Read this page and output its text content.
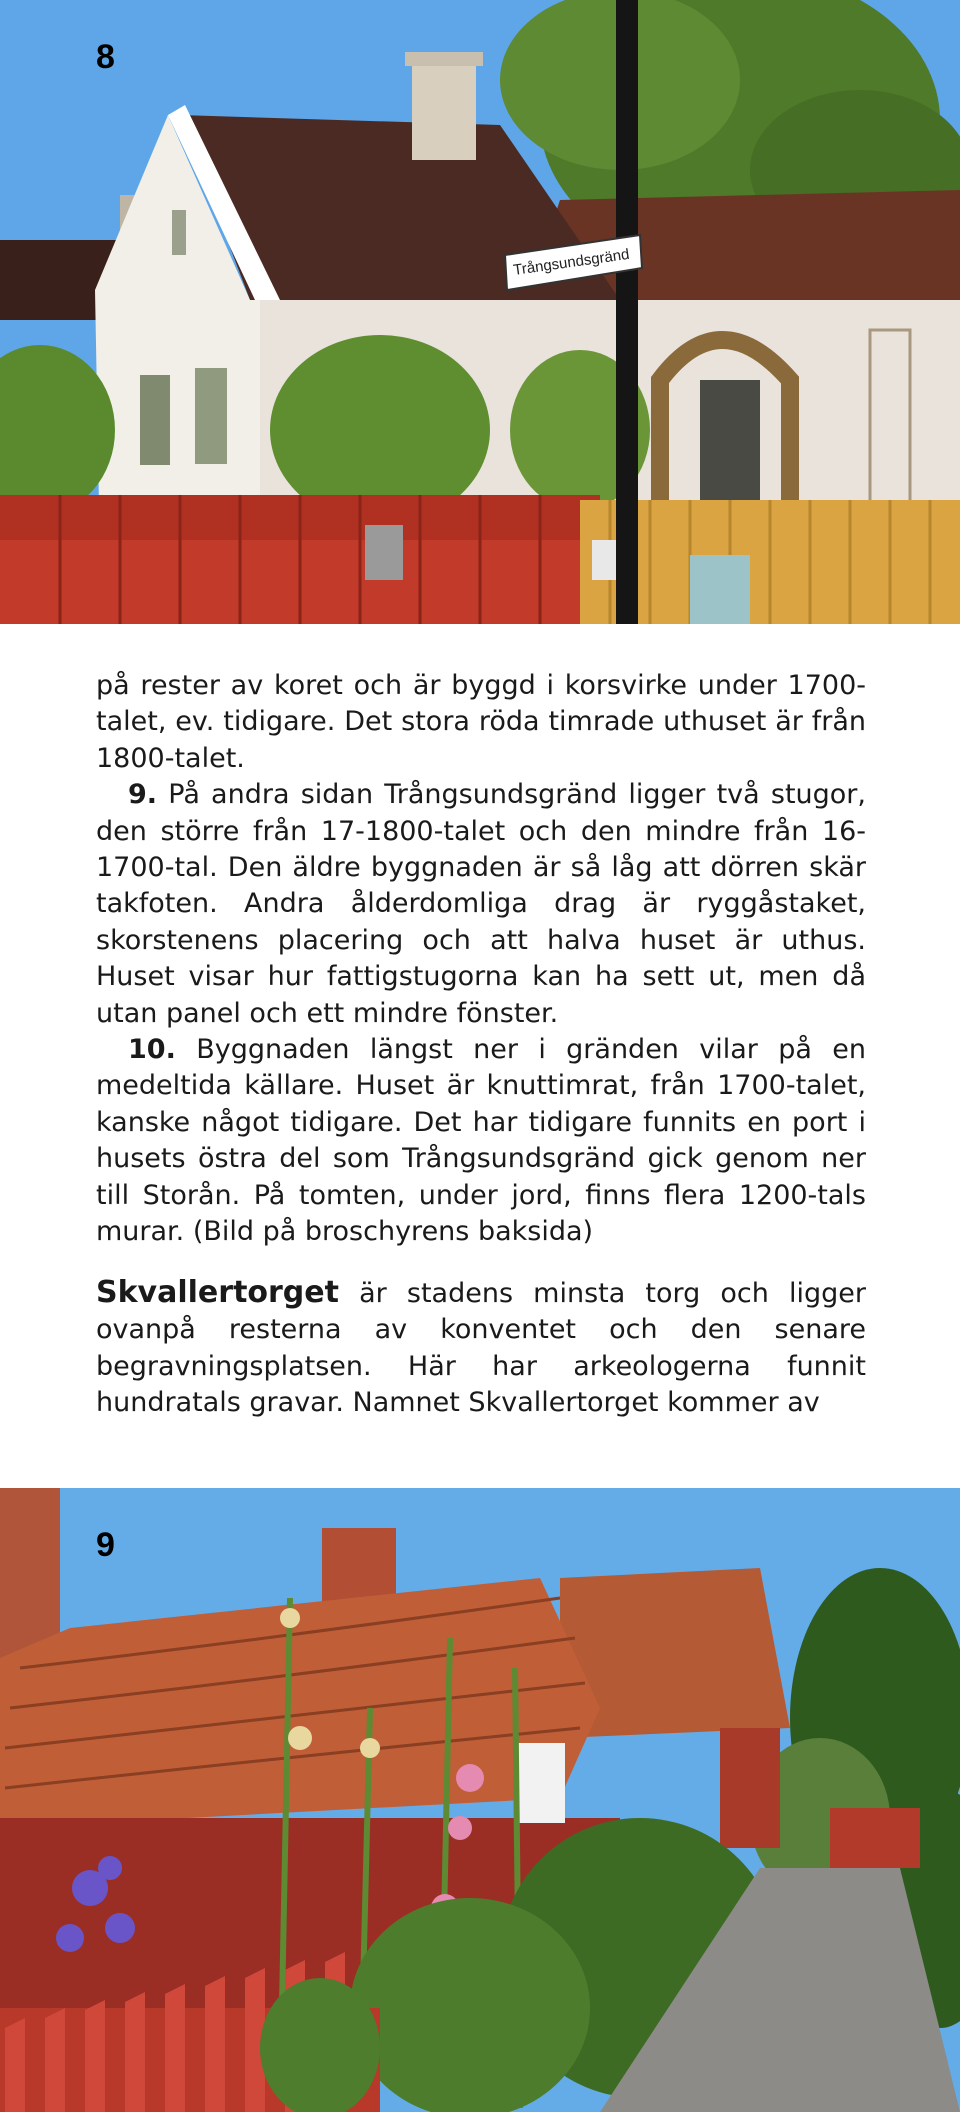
Trångsundsgränd
8

på rester av koret och är byggd i korsvirke under 1700-talet, ev. tidigare. Det stora röda timrade uthuset är från 1800-talet.

9. På andra sidan Trångsundsgränd ligger två stugor, den större från 17-1800-talet och den mindre från 16-1700-tal. Den äldre byggnaden är så låg att dörren skär takfoten. Andra ålderdomliga drag är ryggåstaket, skorstenens placering och att halva huset är uthus. Huset visar hur fattigstugorna kan ha sett ut, men då utan panel och ett mindre fönster.

10. Byggnaden längst ner i gränden vilar på en medeltida källare. Huset är knuttimrat, från 1700-talet, kanske något tidigare. Det har tidigare funnits en port i husets östra del som Trångsundsgränd gick genom ner till Storån. På tomten, under jord, finns flera 1200-tals murar. (Bild på broschyrens baksida)

Skvallertorget är stadens minsta torg och ligger ovanpå resterna av konventet och den senare begravningsplatsen. Här har arkeologerna funnit hundratals gravar. Namnet Skvallertorget kommer av

9
